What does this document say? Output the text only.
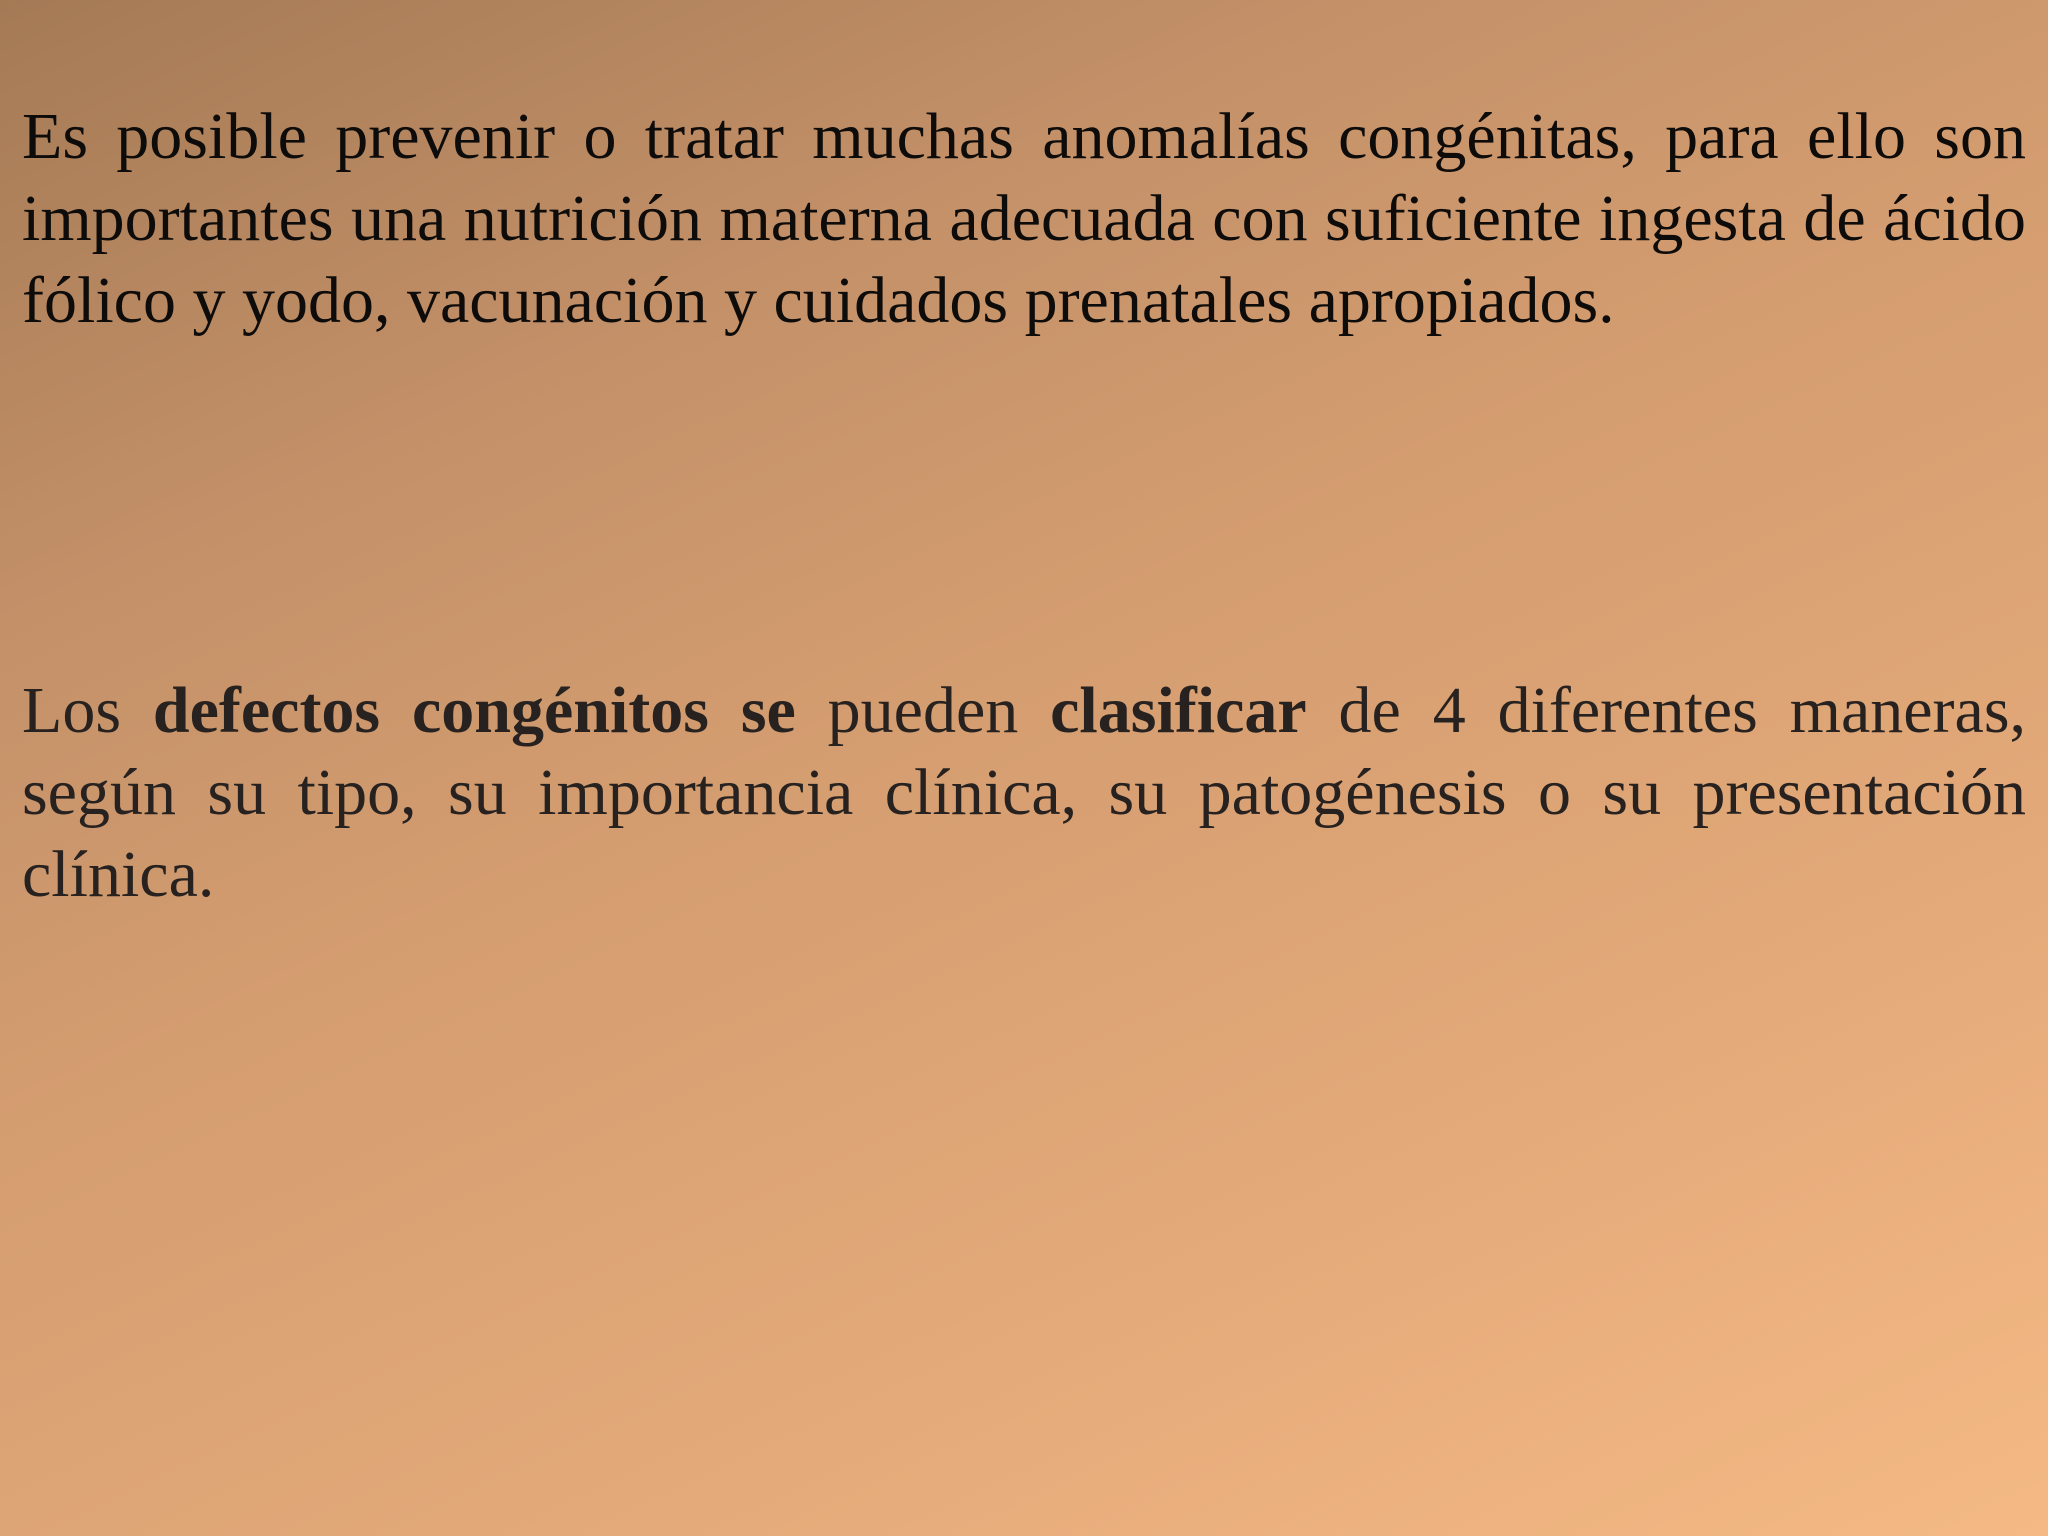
Es posible prevenir o tratar muchas anomalías congénitas, para ello son importantes una nutrición materna adecuada con suficiente ingesta de ácido fólico y yodo, vacunación y cuidados prenatales apropiados.

Los defectos congénitos se pueden clasificar de 4 diferentes maneras, según su tipo, su importancia clínica, su patogénesis o su presentación clínica.
